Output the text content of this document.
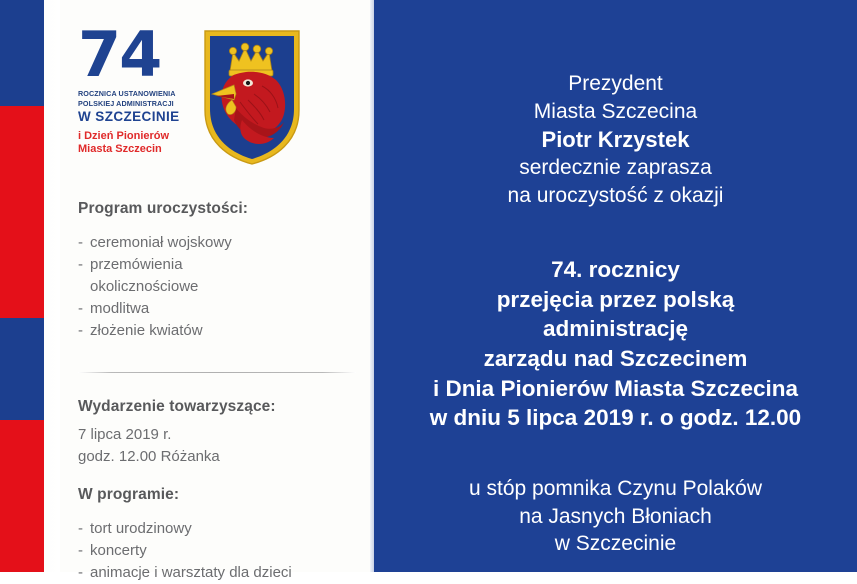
74
ROCZNICA USTANOWIENIA
POLSKIEJ ADMINISTRACJI
W SZCZECINIE
i Dzień Pionierów
Miasta Szczecin
Program uroczystości:
- ceremoniał wojskowy
- przemówienia
okolicznościowe
- modlitwa
- złożenie kwiatów
Wydarzenie towarzyszące:
7 lipca 2019 r.
godz. 12.00 Różanka
W programie:
- tort urodzinowy
- koncerty
- animacje i warsztaty dla dzieci
Prezydent
Miasta Szczecina
Piotr Krzystek
serdecznie zaprasza
na uroczystość z okazji
74. rocznicy
przejęcia przez polską
administrację
zarządu nad Szczecinem
i Dnia Pionierów Miasta Szczecina
w dniu 5 lipca 2019 r. o godz. 12.00
u stóp pomnika Czynu Polaków
na Jasnych Błoniach
w Szczecinie
